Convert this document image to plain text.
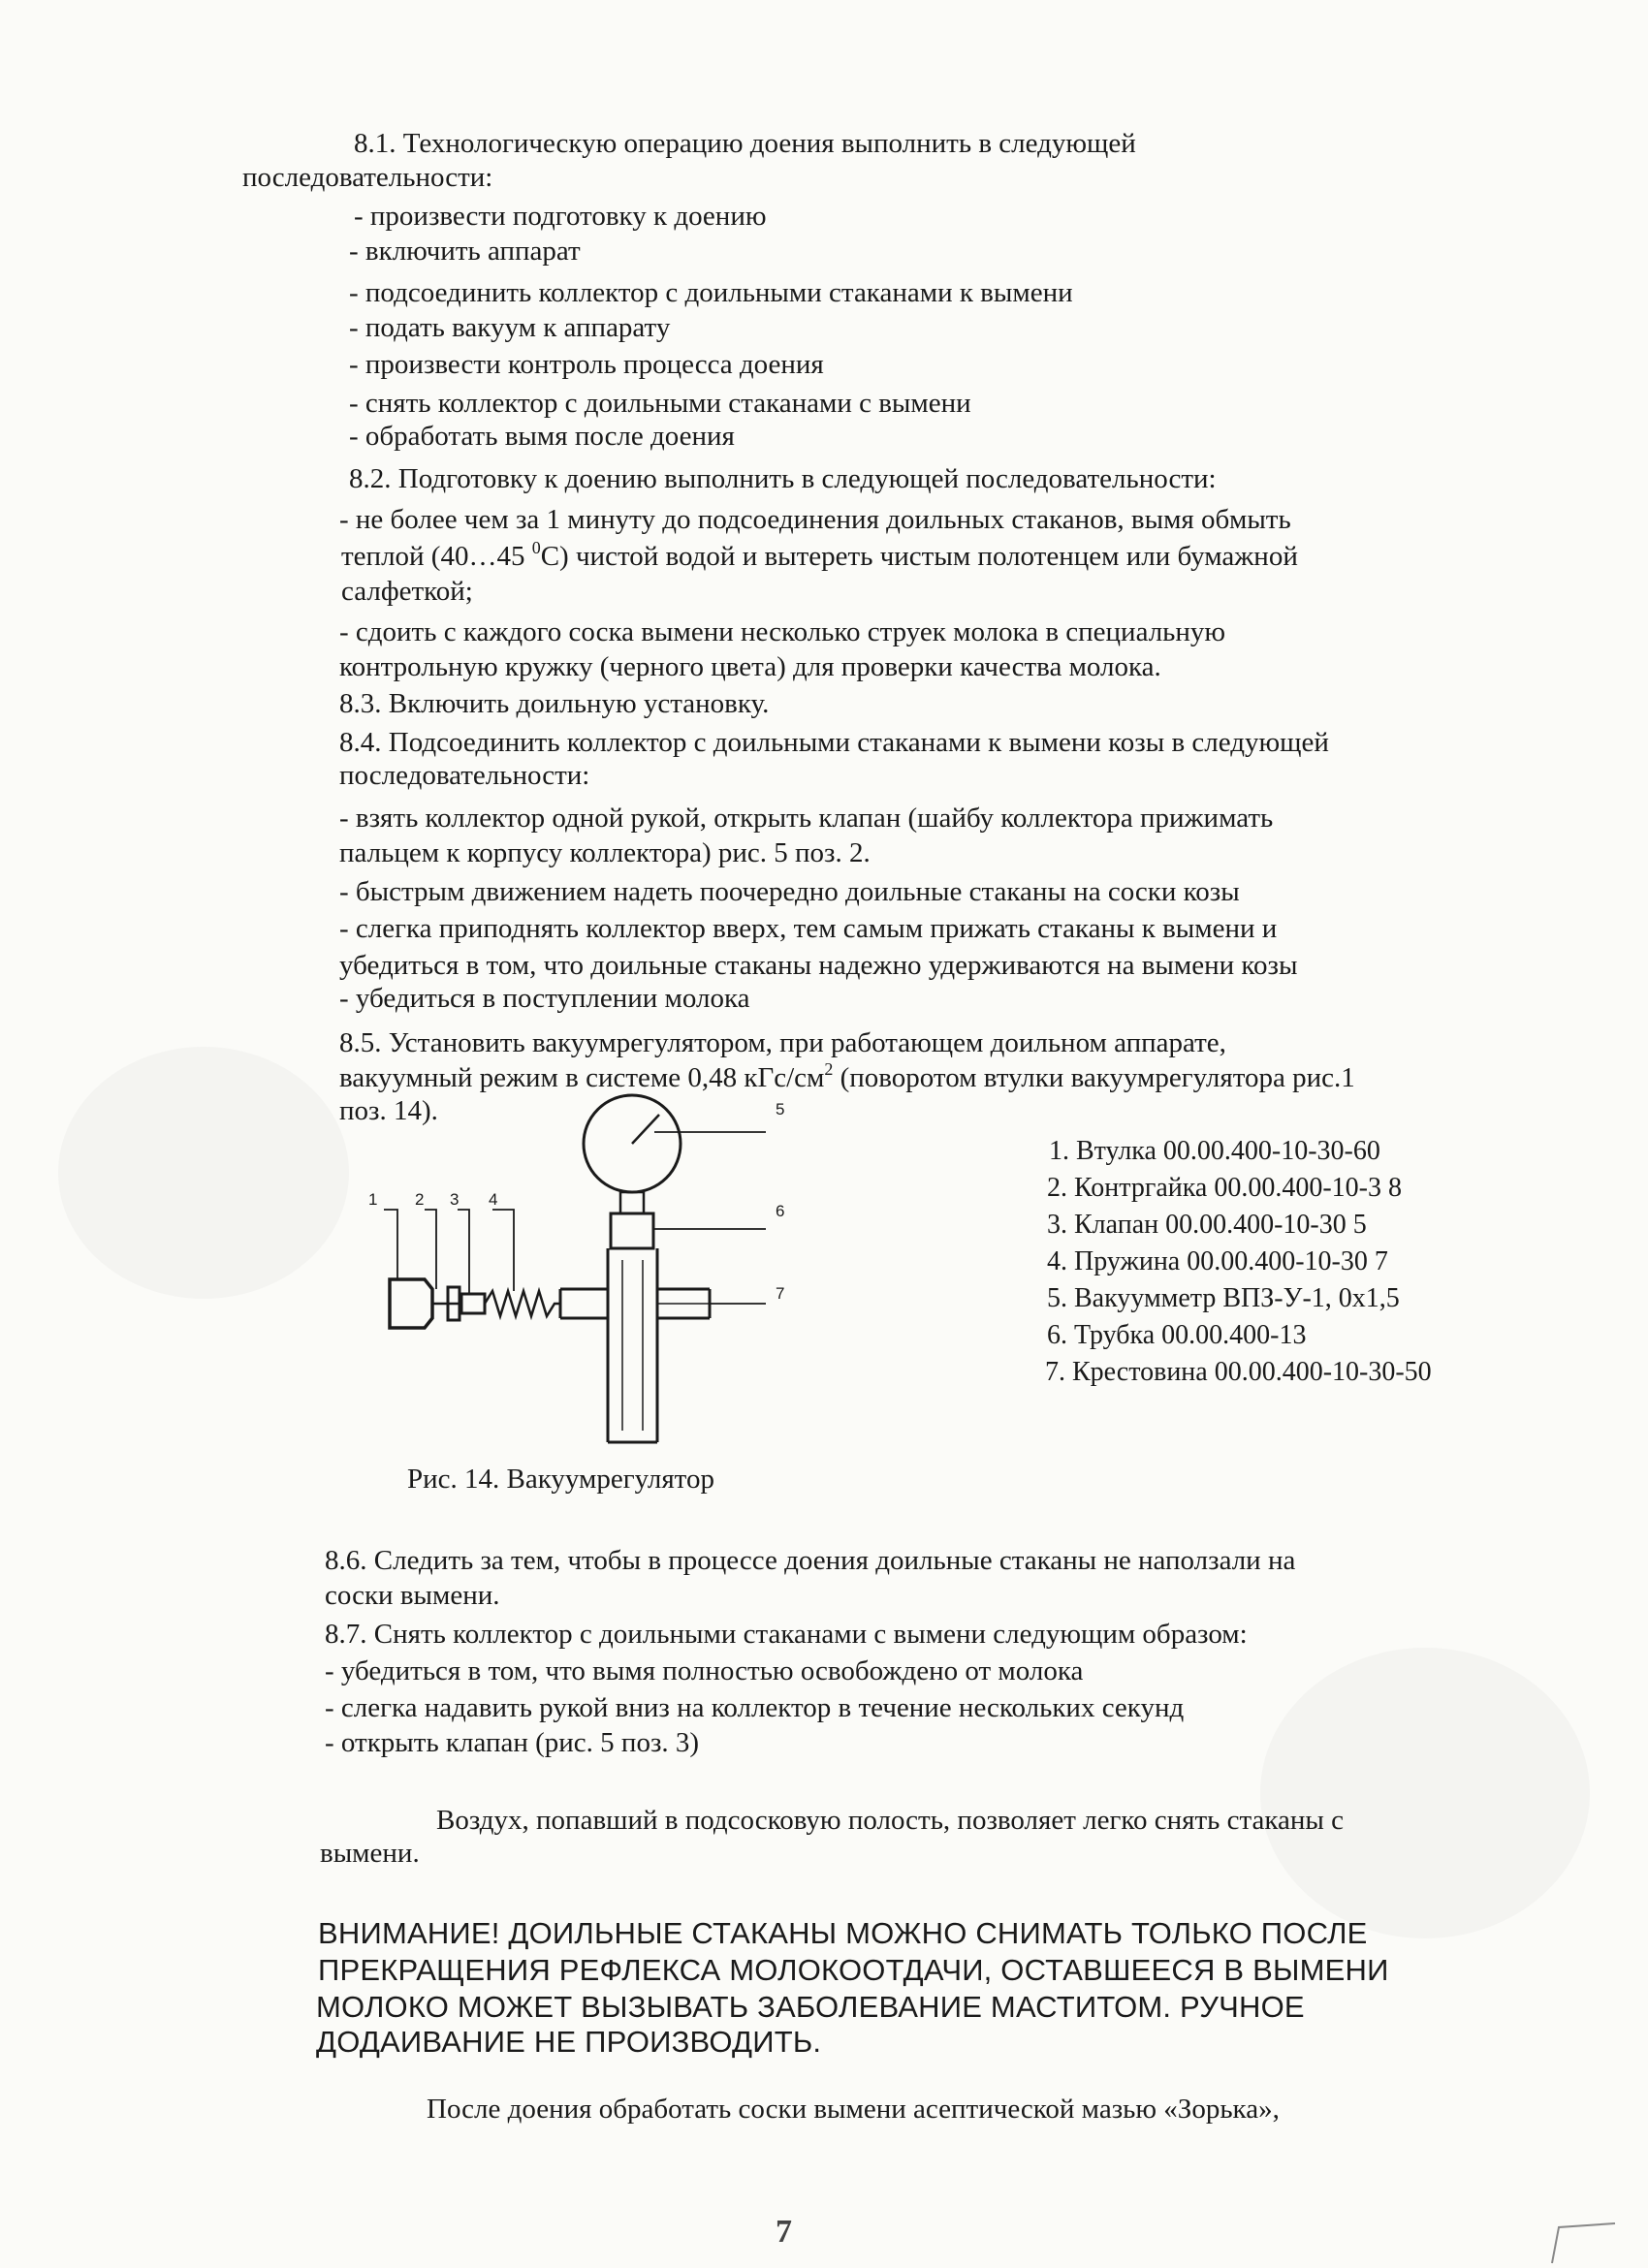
8.1. Технологическую операцию доения выполнить в следующей
последовательности:
- произвести подготовку к доению
- включить аппарат
- подсоединить коллектор с доильными стаканами к вымени
- подать вакуум к аппарату
- произвести контроль процесса доения
- снять коллектор с доильными стаканами с вымени
- обработать вымя после доения
8.2. Подготовку к доению выполнить в следующей последовательности:
- не более чем за 1 минуту до подсоединения доильных стаканов, вымя обмыть
теплой (40…45 $^0$С) чистой водой и вытереть чистым полотенцем или бумажной
салфеткой;
- сдоить с каждого соска вымени несколько струек молока в специальную
контрольную кружку (черного цвета) для проверки качества молока.
8.3. Включить доильную установку.
8.4. Подсоединить коллектор с доильными стаканами к вымени козы в следующей
последовательности:
- взять коллектор одной рукой, открыть клапан (шайбу коллектора прижимать
пальцем к корпусу коллектора) рис. 5 поз. 2.
- быстрым движением надеть поочередно доильные стаканы на соски козы
- слегка приподнять коллектор вверх, тем самым прижать стаканы к вымени и
убедиться в том, что доильные стаканы надежно удерживаются на вымени козы
- убедиться в поступлении молока
8.5. Установить вакуумрегулятором, при работающем доильном аппарате,
вакуумный режим в системе 0,48 кГс/$см^2$ (поворотом втулки вакуумрегулятора рис.1
поз. 14).
1 2 3 4
5
6
7
1. Втулка 00.00.400-10-30-60
2. Контргайка 00.00.400-10-3 8
3. Клапан 00.00.400-10-30 5
4. Пружина 00.00.400-10-30 7
5. Вакуумметр ВПЗ-У-1, 0х1,5
6. Трубка 00.00.400-13
7. Крестовина 00.00.400-10-30-50
Рис. 14. Вакуумрегулятор
8.6. Следить за тем, чтобы в процессе доения доильные стаканы не наползали на
соски вымени.
8.7. Снять коллектор с доильными стаканами с вымени следующим образом:
- убедиться в том, что вымя полностью освобождено от молока
- слегка надавить рукой вниз на коллектор в течение нескольких секунд
- открыть клапан (рис. 5 поз. 3)
Воздух, попавший в подсосковую полость, позволяет легко снять стаканы с
вымени.
ВНИМАНИЕ! ДОИЛЬНЫЕ СТАКАНЫ МОЖНО СНИМАТЬ ТОЛЬКО ПОСЛЕ
ПРЕКРАЩЕНИЯ РЕФЛЕКСА МОЛОКООТДАЧИ, ОСТАВШЕЕСЯ В ВЫМЕНИ
МОЛОКО МОЖЕТ ВЫЗЫВАТЬ ЗАБОЛЕВАНИЕ МАСТИТОМ. РУЧНОЕ
ДОДАИВАНИЕ НЕ ПРОИЗВОДИТЬ.
После доения обработать соски вымени асептической мазью «Зорька»,
7
